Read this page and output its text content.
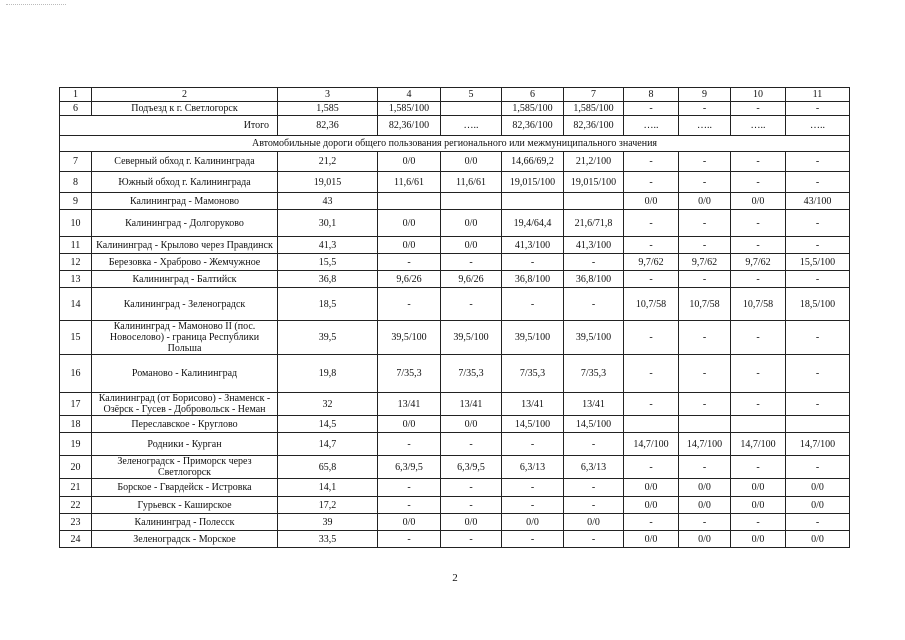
1	2	3	4	5	6	7	8	9	10	11
6	Подъезд к г. Светлогорск	1,585	1,585/100		1,585/100	1,585/100	-	-	-	-
Итого		82,36	82,36/100	…..	82,36/100	82,36/100	…..	…..	…..	…..
Автомобильные дороги общего пользования регионального или межмуниципального значения										
7	Северный обход г. Калининграда	21,2	0/0	0/0	14,66/69,2	21,2/100	-	-	-	-
8	Южный обход г. Калининграда	19,015	11,6/61	11,6/61	19,015/100	19,015/100	-	-	-	-
9	Калининград - Мамоново	43					0/0	0/0	0/0	43/100
10	Калининград - Долгоруково	30,1	0/0	0/0	19,4/64,4	21,6/71,8	-	-	-	-
11	Калининград - Крылово через Правдинск	41,3	0/0	0/0	41,3/100	41,3/100	-	-	-	-
12	Березовка - Храброво - Жемчужное	15,5	-	-	-	-	9,7/62	9,7/62	9,7/62	15,5/100
13	Калининград - Балтийск	36,8	9,6/26	9,6/26	36,8/100	36,8/100	-	-	-	-
14	Калининград - Зеленоградск	18,5	-	-	-	-	10,7/58	10,7/58	10,7/58	18,5/100
15	Калининград - Мамоново II (пос. Новоселово) - граница Республики Польша	39,5	39,5/100	39,5/100	39,5/100	39,5/100	-	-	-	-
16	Романово - Калининград	19,8	7/35,3	7/35,3	7/35,3	7/35,3	-	-	-	-
17	Калининград (от Борисово) - Знаменск - Озёрск - Гусев - Добровольск - Неман	32	13/41	13/41	13/41	13/41	-	-	-	-
18	Переславское - Круглово	14,5	0/0	0/0	14,5/100	14,5/100				
19	Родники - Курган	14,7	-	-	-	-	14,7/100	14,7/100	14,7/100	14,7/100
20	Зеленоградск - Приморск через Светлогорск	65,8	6,3/9,5	6,3/9,5	6,3/13	6,3/13	-	-	-	-
21	Борское - Гвардейск - Истровка	14,1	-	-	-	-	0/0	0/0	0/0	0/0
22	Гурьевск - Каширское	17,2	-	-	-	-	0/0	0/0	0/0	0/0
23	Калининград - Полесск	39	0/0	0/0	0/0	0/0	-	-	-	-
24	Зеленоградск - Морское	33,5	-	-	-	-	0/0	0/0	0/0	0/0
2
